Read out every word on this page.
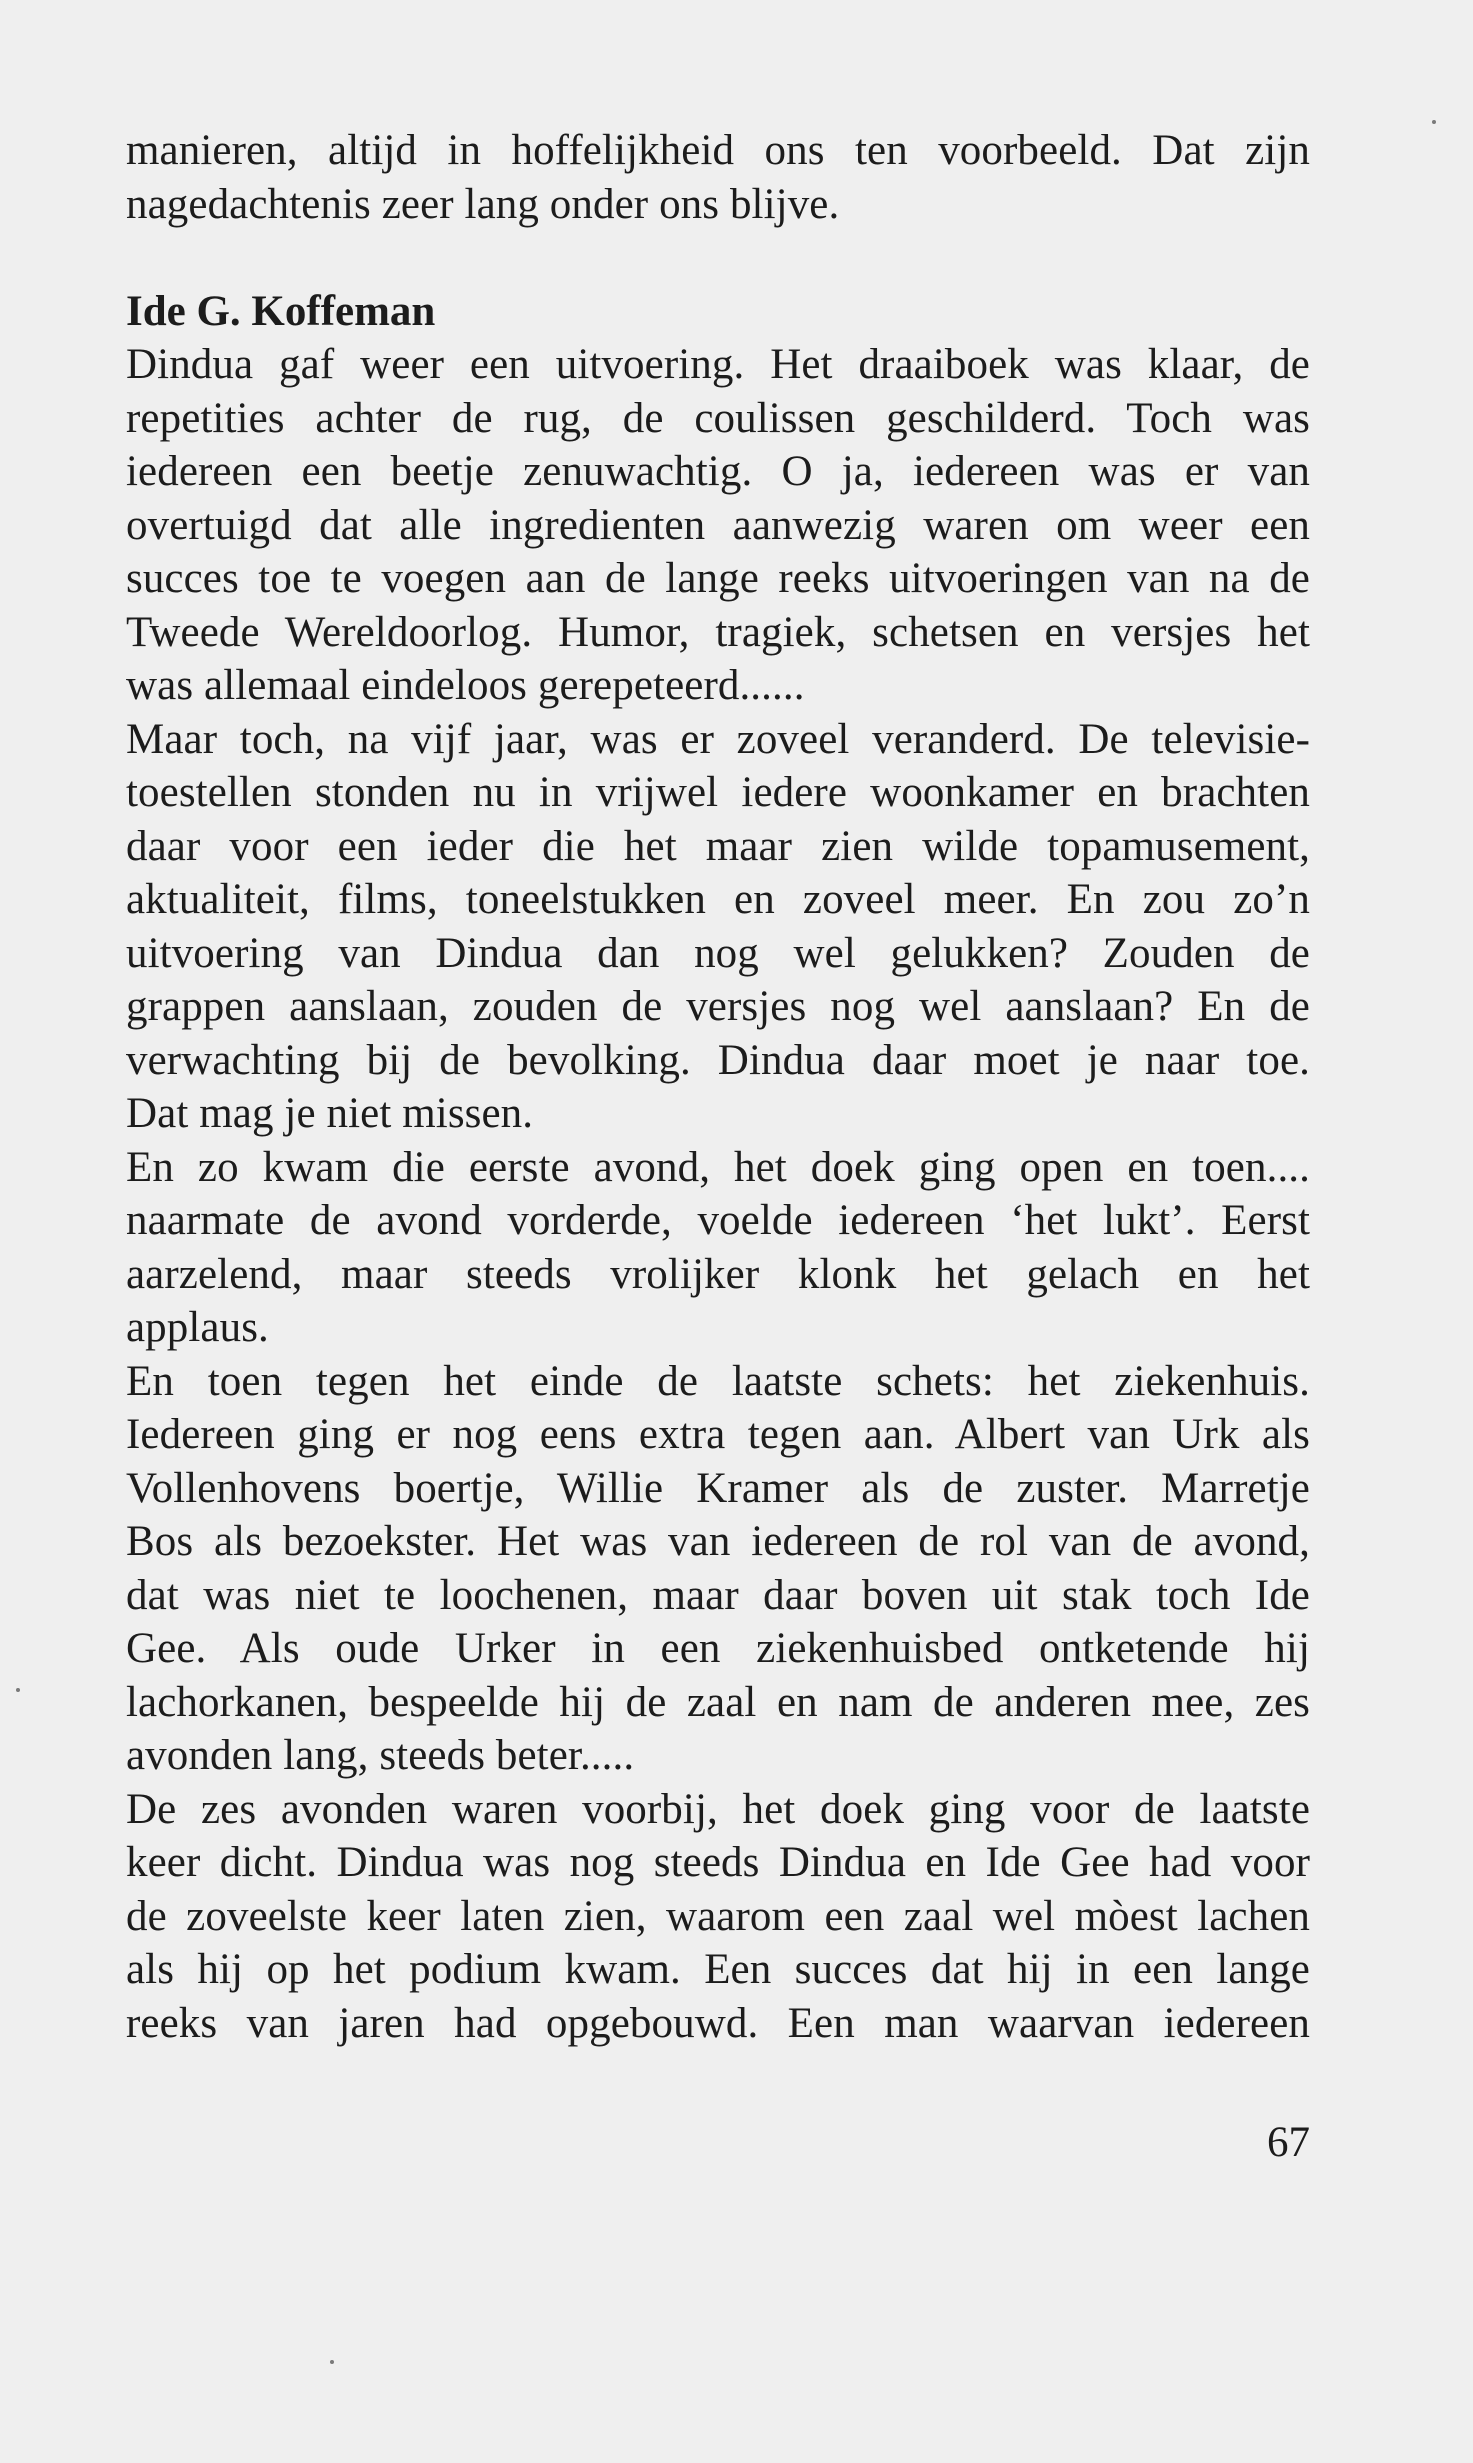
manieren, altijd in hoffelijkheid ons ten voorbeeld. Dat zijn
nagedachtenis zeer lang onder ons blijve.
Ide G. Koffeman
Dindua gaf weer een uitvoering. Het draaiboek was klaar, de
repetities achter de rug, de coulissen geschilderd. Toch was
iedereen een beetje zenuwachtig. O ja, iedereen was er van
overtuigd dat alle ingredienten aanwezig waren om weer een
succes toe te voegen aan de lange reeks uitvoeringen van na de
Tweede Wereldoorlog. Humor, tragiek, schetsen en versjes het
was allemaal eindeloos gerepeteerd......
Maar toch, na vijf jaar, was er zoveel veranderd. De televisie-
toestellen stonden nu in vrijwel iedere woonkamer en brachten
daar voor een ieder die het maar zien wilde topamusement,
aktualiteit, films, toneelstukken en zoveel meer. En zou zo’n
uitvoering van Dindua dan nog wel gelukken? Zouden de
grappen aanslaan, zouden de versjes nog wel aanslaan? En de
verwachting bij de bevolking. Dindua daar moet je naar toe.
Dat mag je niet missen.
En zo kwam die eerste avond, het doek ging open en toen....
naarmate de avond vorderde, voelde iedereen ‘het lukt’. Eerst
aarzelend, maar steeds vrolijker klonk het gelach en het
applaus.
En toen tegen het einde de laatste schets: het ziekenhuis.
Iedereen ging er nog eens extra tegen aan. Albert van Urk als
Vollenhovens boertje, Willie Kramer als de zuster. Marretje
Bos als bezoekster. Het was van iedereen de rol van de avond,
dat was niet te loochenen, maar daar boven uit stak toch Ide
Gee. Als oude Urker in een ziekenhuisbed ontketende hij
lachorkanen, bespeelde hij de zaal en nam de anderen mee, zes
avonden lang, steeds beter.....
De zes avonden waren voorbij, het doek ging voor de laatste
keer dicht. Dindua was nog steeds Dindua en Ide Gee had voor
de zoveelste keer laten zien, waarom een zaal wel mòest lachen
als hij op het podium kwam. Een succes dat hij in een lange
reeks van jaren had opgebouwd. Een man waarvan iedereen
67
